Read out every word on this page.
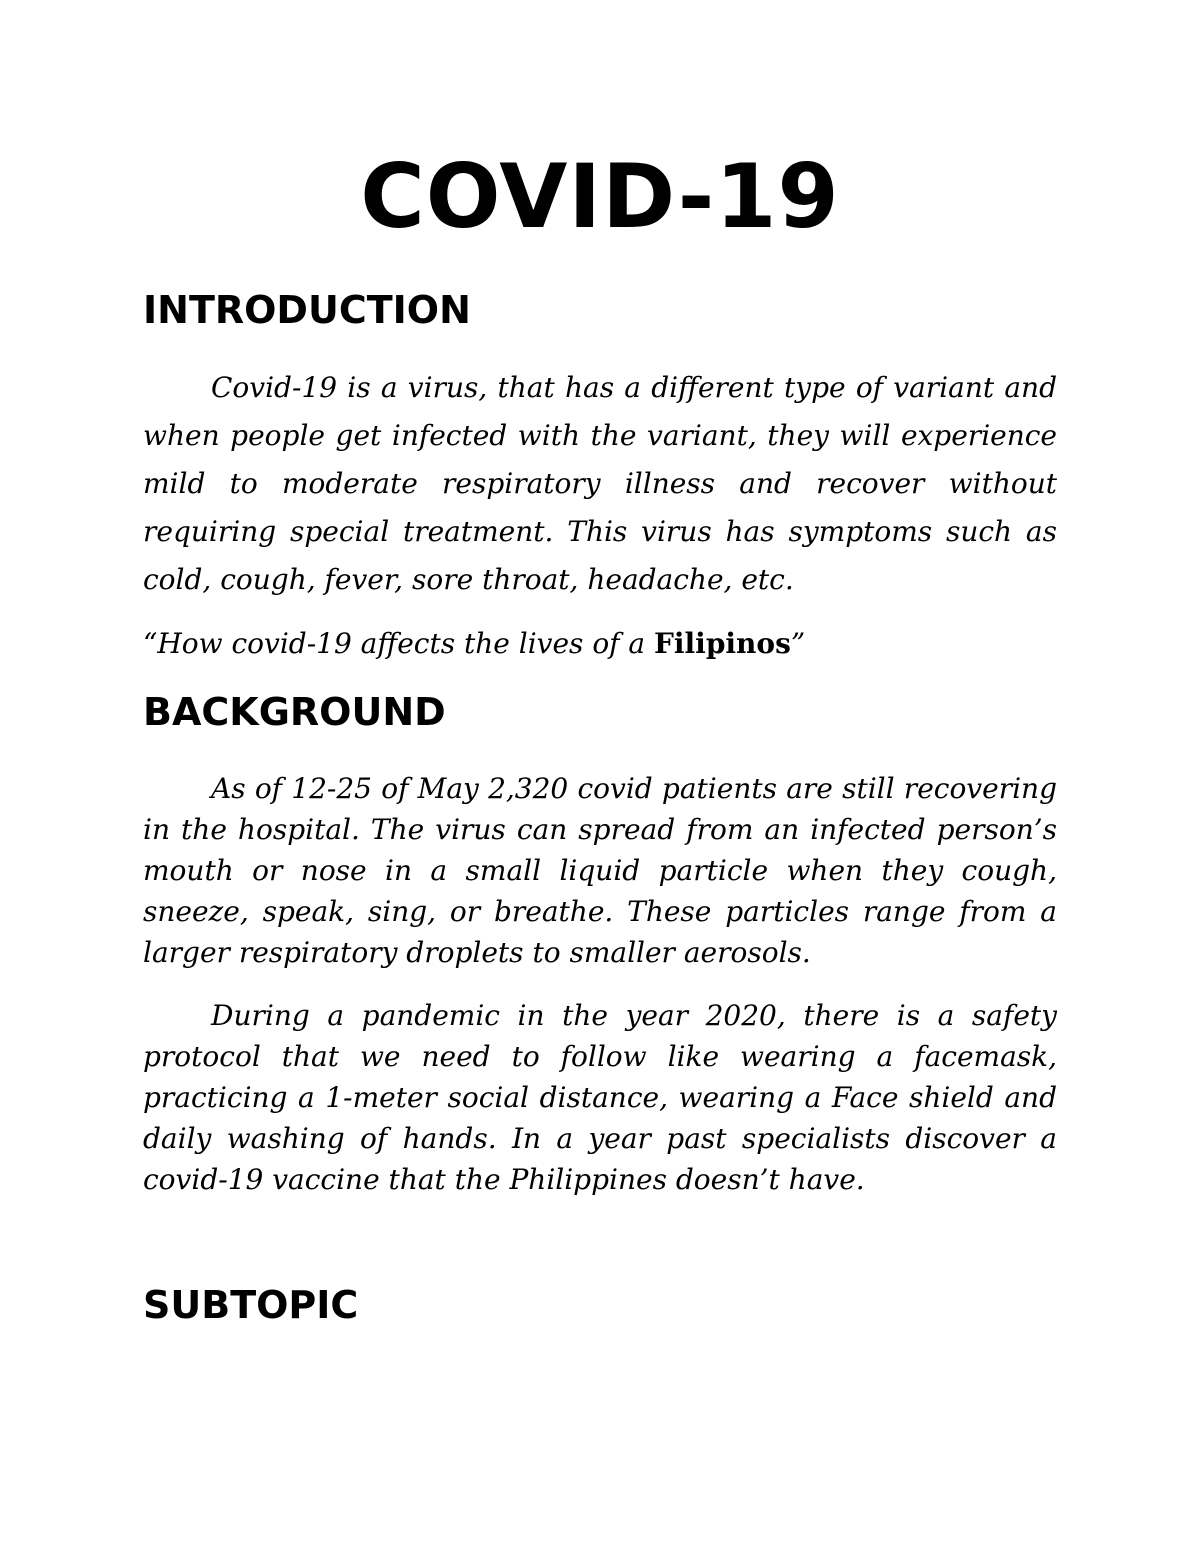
COVID-19
INTRODUCTION

Covid-19 is a virus, that has a different type of variant and when people get infected with the variant, they will experience mild to moderate respiratory illness and recover without requiring special treatment. This virus has symptoms such as cold, cough, fever, sore throat, headache, etc.

“How covid-19 affects the lives of a Filipinos”

BACKGROUND

As of 12-25 of May 2,320 covid patients are still recovering in the hospital. The virus can spread from an infected person’s mouth or nose in a small liquid particle when they cough, sneeze, speak, sing, or breathe. These particles range from a larger respiratory droplets to smaller aerosols.

During a pandemic in the year 2020, there is a safety protocol that we need to follow like wearing a facemask, practicing a 1-meter social distance, wearing a Face shield and daily washing of hands. In a year past specialists discover a covid-19 vaccine that the Philippines doesn’t have.

SUBTOPIC
